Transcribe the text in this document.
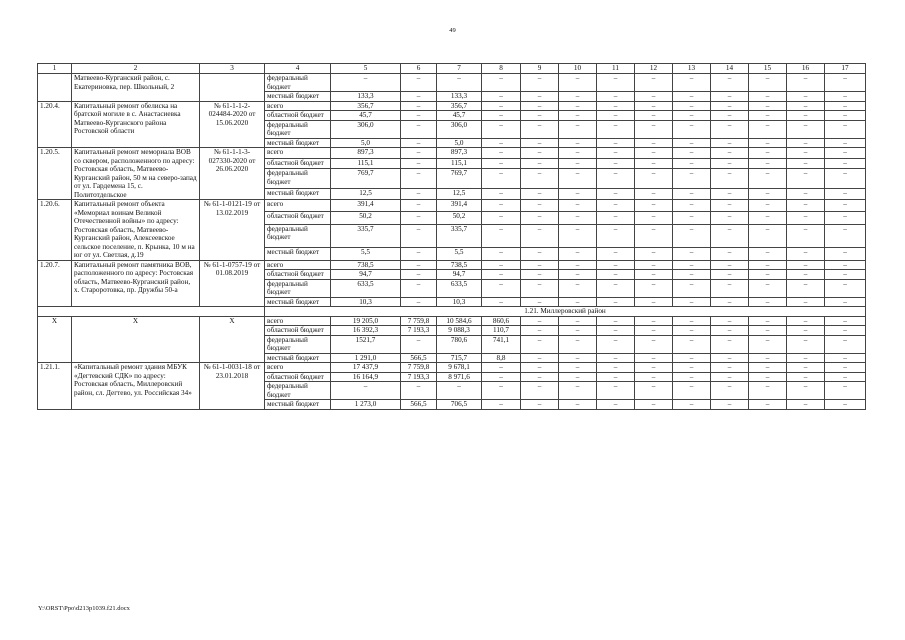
49
1	2	3	4	5	6	7	8	9	10	11	12	13	14	15	16	17
	Матвеево-Курганский район, с. Екатериновка, пер. Школьный, 2		федеральный бюджет	–	–	–	–	–	–	–	–	–	–	–	–	–
			местный бюджет	133,3	–	133,3	–	–	–	–	–	–	–	–	–	–
1.20.4.	Капитальный ремонт обелиска на братской могиле в с. Анастасиевка Матвеево-Курганского района Ростовской области	№ 61-1-1-2-024484-2020 от 15.06.2020	всего	356,7	–	356,7	–	–	–	–	–	–	–	–	–	–
			областной бюджет	45,7	–	45,7	–	–	–	–	–	–	–	–	–	–
			федеральный бюджет	306,0	–	306,0	–	–	–	–	–	–	–	–	–	–
			местный бюджет	5,0	–	5,0	–	–	–	–	–	–	–	–	–	–
1.20.5.	Капитальный ремонт мемориала ВОВ со сквером, расположенного по адресу: Ростовская область, Матвеево-Курганский район, 50 м на северо-запад от ул. Гардемена 15, с. Политотдельское	№ 61-1-1-3-027330-2020 от 26.06.2020	всего	897,3	–	897,3	–	–	–	–	–	–	–	–	–	–
			областной бюджет	115,1	–	115,1	–	–	–	–	–	–	–	–	–	–
			федеральный бюджет	769,7	–	769,7	–	–	–	–	–	–	–	–	–	–
			местный бюджет	12,5	–	12,5	–	–	–	–	–	–	–	–	–	–
1.20.6.	Капитальный ремонт объекта «Мемориал воинам Великой Отечественной войны» по адресу: Ростовская область, Матвеево-Курганский район, Алексеевское сельское поселение, п. Крынка, 10 м на юг от ул. Светлая, д.19	№ 61-1-0121-19 от 13.02.2019	всего	391,4	–	391,4	–	–	–	–	–	–	–	–	–	–
			областной бюджет	50,2	–	50,2	–	–	–	–	–	–	–	–	–	–
			федеральный бюджет	335,7	–	335,7	–	–	–	–	–	–	–	–	–	–
			местный бюджет	5,5	–	5,5	–	–	–	–	–	–	–	–	–	–
1.20.7.	Капитальный ремонт памятника ВОВ, расположенного по адресу: Ростовская область, Матвеево-Курганский район, х. Староротовка, пр. Дружбы 50-а	№ 61-1-0757-19 от 01.08.2019	всего	738,5	–	738,5	–	–	–	–	–	–	–	–	–	–
			областной бюджет	94,7	–	94,7	–	–	–	–	–	–	–	–	–	–
			федеральный бюджет	633,5	–	633,5	–	–	–	–	–	–	–	–	–	–
			местный бюджет	10,3	–	10,3	–	–	–	–	–	–	–	–	–	–
			1.21. Миллеровский район													
X	X	X	всего	19 205,0	7 759,8	10 584,6	860,6	–	–	–	–	–	–	–	–	–
			областной бюджет	16 392,3	7 193,3	9 088,3	110,7	–	–	–	–	–	–	–	–	–
			федеральный бюджет	1521,7	–	780,6	741,1	–	–	–	–	–	–	–	–	–
			местный бюджет	1 291,0	566,5	715,7	8,8	–	–	–	–	–	–	–	–	–
1.21.1.	«Капитальный ремонт здания МБУК «Дегтевский СДК» по адресу: Ростовская область, Миллеровский район, сл. Дегтево, ул. Российская 34»	№ 61-1-0031-18 от 23.01.2018	всего	17 437,9	7 759,8	9 678,1	–	–	–	–	–	–	–	–	–	–
			областной бюджет	16 164,9	7 193,3	8 971,6	–	–	–	–	–	–	–	–	–	–
			федеральный бюджет	–	–	–	–	–	–	–	–	–	–	–	–	–
			местный бюджет	1 273,0	566,5	706,5	–	–	–	–	–	–	–	–	–	–
Y:\ORST\Ppo\d213p1039.f21.docx
